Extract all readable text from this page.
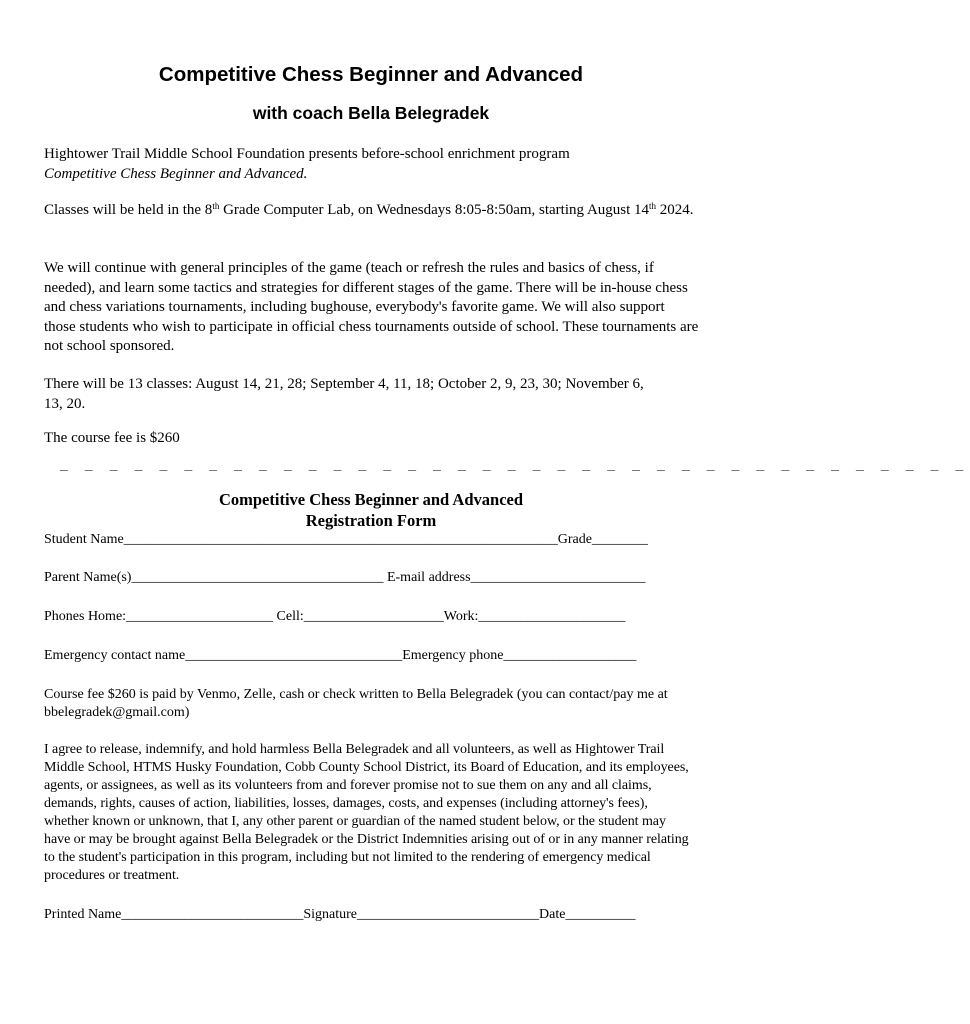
Competitive Chess Beginner and Advanced
with coach Bella Belegradek
Hightower Trail Middle School Foundation presents before-school enrichment program
Competitive Chess Beginner and Advanced.
Classes will be held in the 8th Grade Computer Lab, on Wednesdays 8:05-8:50am, starting August 14th 2024.

We will continue with general principles of the game (teach or refresh the rules and basics of chess, if needed), and learn some tactics and strategies for different stages of the game. There will be in-house chess and chess variations tournaments, including bughouse, everybody's favorite game. We will also support those students who wish to participate in official chess tournaments outside of school. These tournaments are not school sponsored.

There will be 13 classes: August 14, 21, 28; September 4, 11, 18; October 2, 9, 23, 30; November 6, 13, 20.

The course fee is $260

_ _ _ _ _ _ _ _ _ _ _ _ _ _ _ _ _ _ _ _ _ _ _ _ _ _ _ _ _ _ _ _ _ _ _ _ _
Competitive Chess Beginner and Advanced
Registration Form
Student Name______________________________________________________________Grade________
Parent Name(s)____________________________________ E-mail address_________________________
Phones Home:_____________________ Cell:____________________Work:_____________________
Emergency contact name_______________________________Emergency phone___________________

Course fee $260 is paid by Venmo, Zelle, cash or check written to Bella Belegradek (you can contact/pay me at bbelegradek@gmail.com)

I agree to release, indemnify, and hold harmless Bella Belegradek and all volunteers, as well as Hightower Trail Middle School, HTMS Husky Foundation, Cobb County School District, its Board of Education, and its employees, agents, or assignees, as well as its volunteers from and forever promise not to sue them on any and all claims, demands, rights, causes of action, liabilities, losses, damages, costs, and expenses (including attorney's fees), whether known or unknown, that I, any other parent or guardian of the named student below, or the student may have or may be brought against Bella Belegradek or the District Indemnities arising out of or in any manner relating to the student's participation in this program, including but not limited to the rendering of emergency medical procedures or treatment.

Printed Name__________________________Signature__________________________Date__________
